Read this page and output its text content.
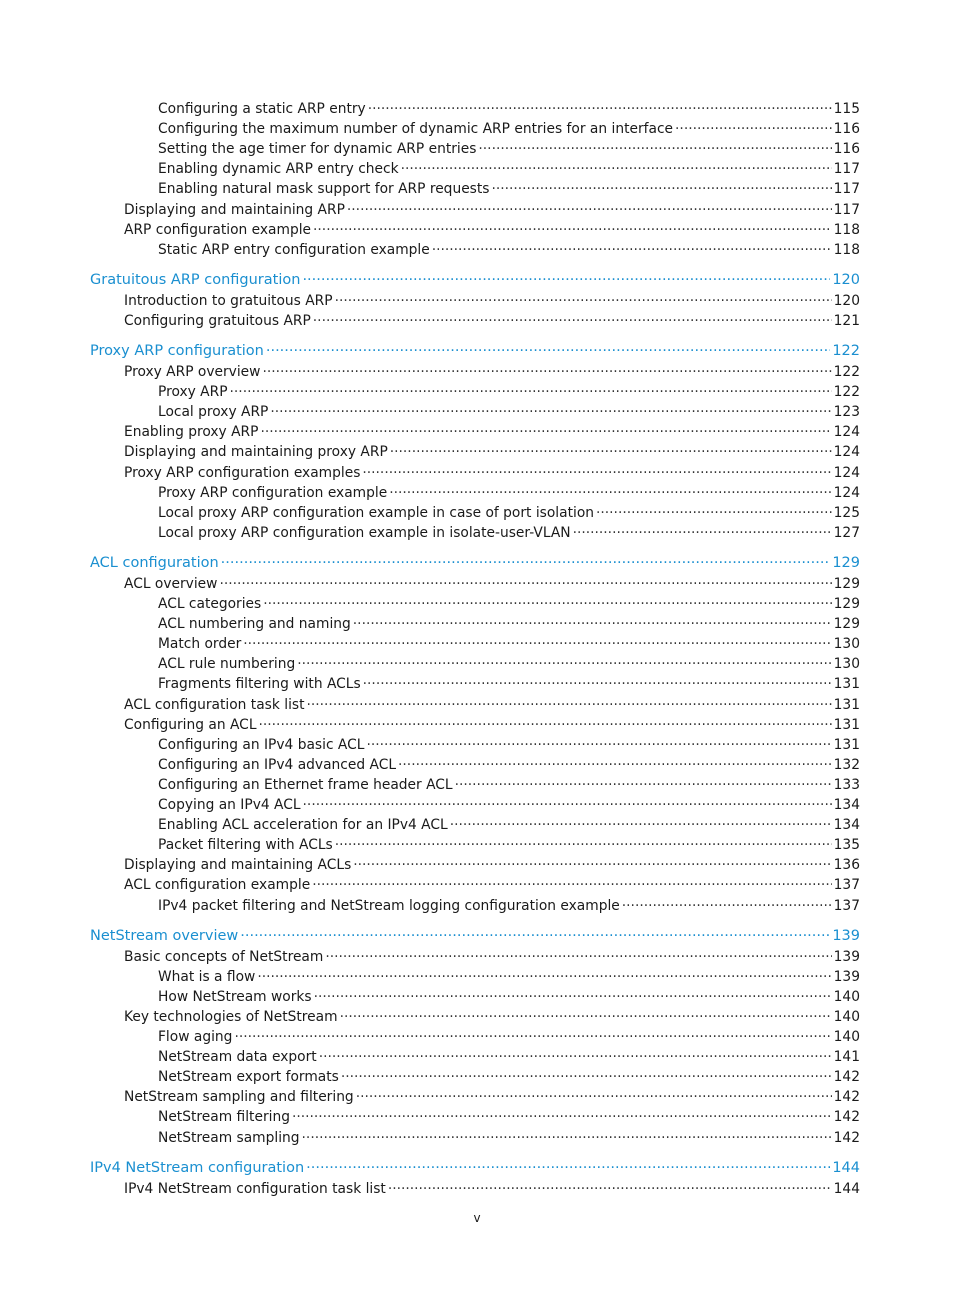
Configuring a static ARP entry ·····	115
Configuring the maximum number of dynamic ARP entries for an interface ·····	116
Setting the age timer for dynamic ARP entries ·····	116
Enabling dynamic ARP entry check ·····	117
Enabling natural mask support for ARP requests ·····	117
Displaying and maintaining ARP ·····	117
ARP configuration example ·····	118
Static ARP entry configuration example ·····	118
Gratuitous ARP configuration ·····	120
Introduction to gratuitous ARP ·····	120
Configuring gratuitous ARP ·····	121
Proxy ARP configuration ·····	122
Proxy ARP overview ·····	122
Proxy ARP ·····	122
Local proxy ARP ·····	123
Enabling proxy ARP ·····	124
Displaying and maintaining proxy ARP ·····	124
Proxy ARP configuration examples ·····	124
Proxy ARP configuration example ·····	124
Local proxy ARP configuration example in case of port isolation ·····	125
Local proxy ARP configuration example in isolate-user-VLAN ·····	127
ACL configuration ·····	129
ACL overview ·····	129
ACL categories ·····	129
ACL numbering and naming ·····	129
Match order ·····	130
ACL rule numbering ·····	130
Fragments filtering with ACLs ·····	131
ACL configuration task list ·····	131
Configuring an ACL ·····	131
Configuring an IPv4 basic ACL ·····	131
Configuring an IPv4 advanced ACL ·····	132
Configuring an Ethernet frame header ACL ·····	133
Copying an IPv4 ACL ·····	134
Enabling ACL acceleration for an IPv4 ACL ·····	134
Packet filtering with ACLs ·····	135
Displaying and maintaining ACLs ·····	136
ACL configuration example ·····	137
IPv4 packet filtering and NetStream logging configuration example ·····	137
NetStream overview ·····	139
Basic concepts of NetStream ·····	139
What is a flow ·····	139
How NetStream works ·····	140
Key technologies of NetStream ·····	140
Flow aging ·····	140
NetStream data export ·····	141
NetStream export formats ·····	142
NetStream sampling and filtering ·····	142
NetStream filtering ·····	142
NetStream sampling ·····	142
IPv4 NetStream configuration ·····	144
IPv4 NetStream configuration task list ·····	144
v
